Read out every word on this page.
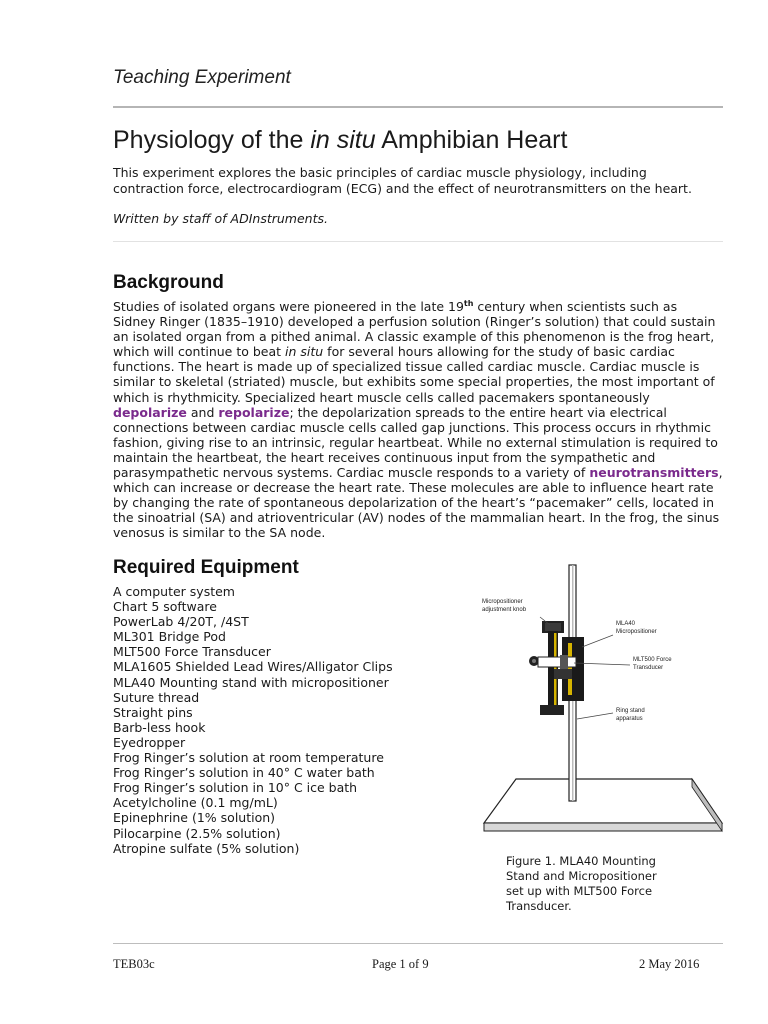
Teaching Experiment
Physiology of the in situ Amphibian Heart

This experiment explores the basic principles of cardiac muscle physiology, including contraction force, electrocardiogram (ECG) and the effect of neurotransmitters on the heart.

Written by staff of ADInstruments.

Background

Studies of isolated organs were pioneered in the late 19th century when scientists such as Sidney Ringer (1835–1910) developed a perfusion solution (Ringer’s solution) that could sustain an isolated organ from a pithed animal. A classic example of this phenomenon is the frog heart, which will continue to beat in situ for several hours allowing for the study of basic cardiac functions. The heart is made up of specialized tissue called cardiac muscle. Cardiac muscle is similar to skeletal (striated) muscle, but exhibits some special properties, the most important of which is rhythmicity. Specialized heart muscle cells called pacemakers spontaneously depolarize and repolarize; the depolarization spreads to the entire heart via electrical connections between cardiac muscle cells called gap junctions. This process occurs in rhythmic fashion, giving rise to an intrinsic, regular heartbeat. While no external stimulation is required to maintain the heartbeat, the heart receives continuous input from the sympathetic and parasympathetic nervous systems. Cardiac muscle responds to a variety of neurotransmitters, which can increase or decrease the heart rate. These molecules are able to influence heart rate by changing the rate of spontaneous depolarization of the heart’s “pacemaker” cells, located in the sinoatrial (SA) and atrioventricular (AV) nodes of the mammalian heart. In the frog, the sinus venosus is similar to the SA node.

Required Equipment
A computer system
Chart 5 software
PowerLab 4/20T, /4ST
ML301 Bridge Pod
MLT500 Force Transducer
MLA1605 Shielded Lead Wires/Alligator Clips
MLA40 Mounting stand with micropositioner
Suture thread
Straight pins
Barb-less hook
Eyedropper
Frog Ringer’s solution at room temperature
Frog Ringer’s solution in 40° C water bath
Frog Ringer’s solution in 10° C ice bath
Acetylcholine (0.1 mg/mL)
Epinephrine (1% solution)
Pilocarpine (2.5% solution)
Atropine sulfate (5% solution)
Micropositioner
adjustment knob
MLA40
Micropositioner
MLT500 Force
Transducer
Ring stand
apparatus

Figure 1. MLA40 Mounting Stand and Micropositioner set up with MLT500 Force Transducer.

TEB03c	Page 1 of 9	2 May 2016
